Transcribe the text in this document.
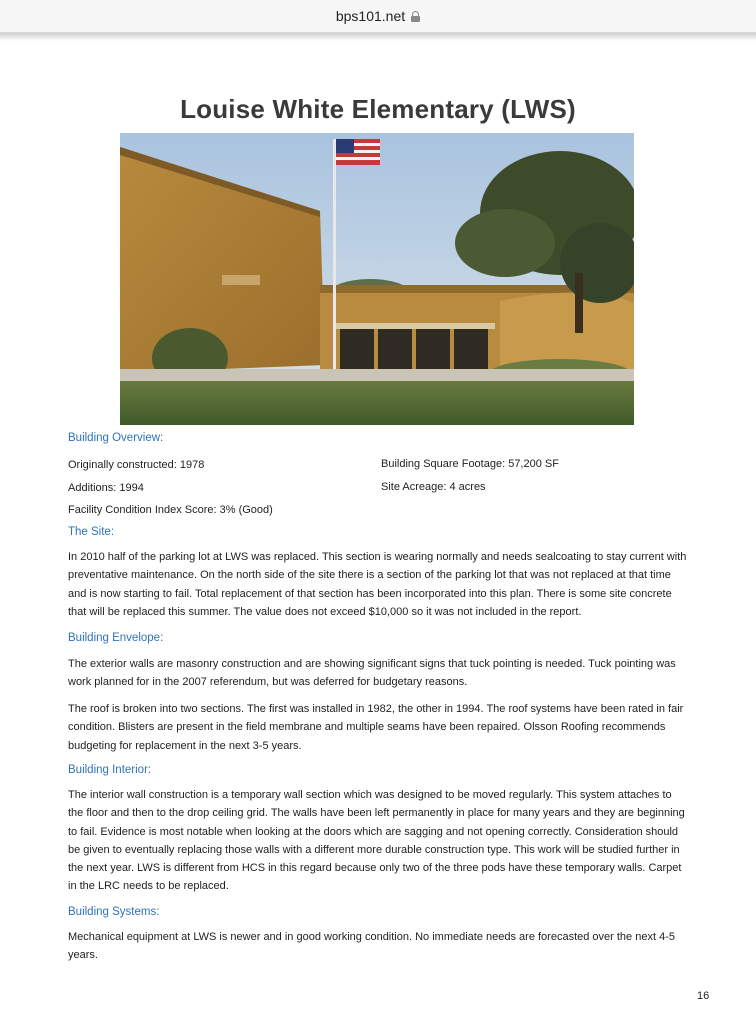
bps101.net
Louise White Elementary (LWS)
Building Overview:
Originally constructed: 1978	Building Square Footage: 57,200 SF
Additions: 1994	Site Acreage: 4 acres
Facility Condition Index Score: 3% (Good)
The Site:
In 2010 half of the parking lot at LWS was replaced. This section is wearing normally and needs sealcoating to stay current with preventative maintenance. On the north side of the site there is a section of the parking lot that was not replaced at that time and is now starting to fail. Total replacement of that section has been incorporated into this plan. There is some site concrete that will be replaced this summer. The value does not exceed $10,000 so it was not included in the report.
Building Envelope:
The exterior walls are masonry construction and are showing significant signs that tuck pointing is needed. Tuck pointing was work planned for in the 2007 referendum, but was deferred for budgetary reasons.
The roof is broken into two sections. The first was installed in 1982, the other in 1994. The roof systems have been rated in fair condition. Blisters are present in the field membrane and multiple seams have been repaired. Olsson Roofing recommends budgeting for replacement in the next 3-5 years.
Building Interior:
The interior wall construction is a temporary wall section which was designed to be moved regularly. This system attaches to the floor and then to the drop ceiling grid. The walls have been left permanently in place for many years and they are beginning to fail. Evidence is most notable when looking at the doors which are sagging and not opening correctly. Consideration should be given to eventually replacing those walls with a different more durable construction type. This work will be studied further in the next year. LWS is different from HCS in this regard because only two of the three pods have these temporary walls. Carpet in the LRC needs to be replaced.
Building Systems:
Mechanical equipment at LWS is newer and in good working condition. No immediate needs are forecasted over the next 4-5 years.
16
